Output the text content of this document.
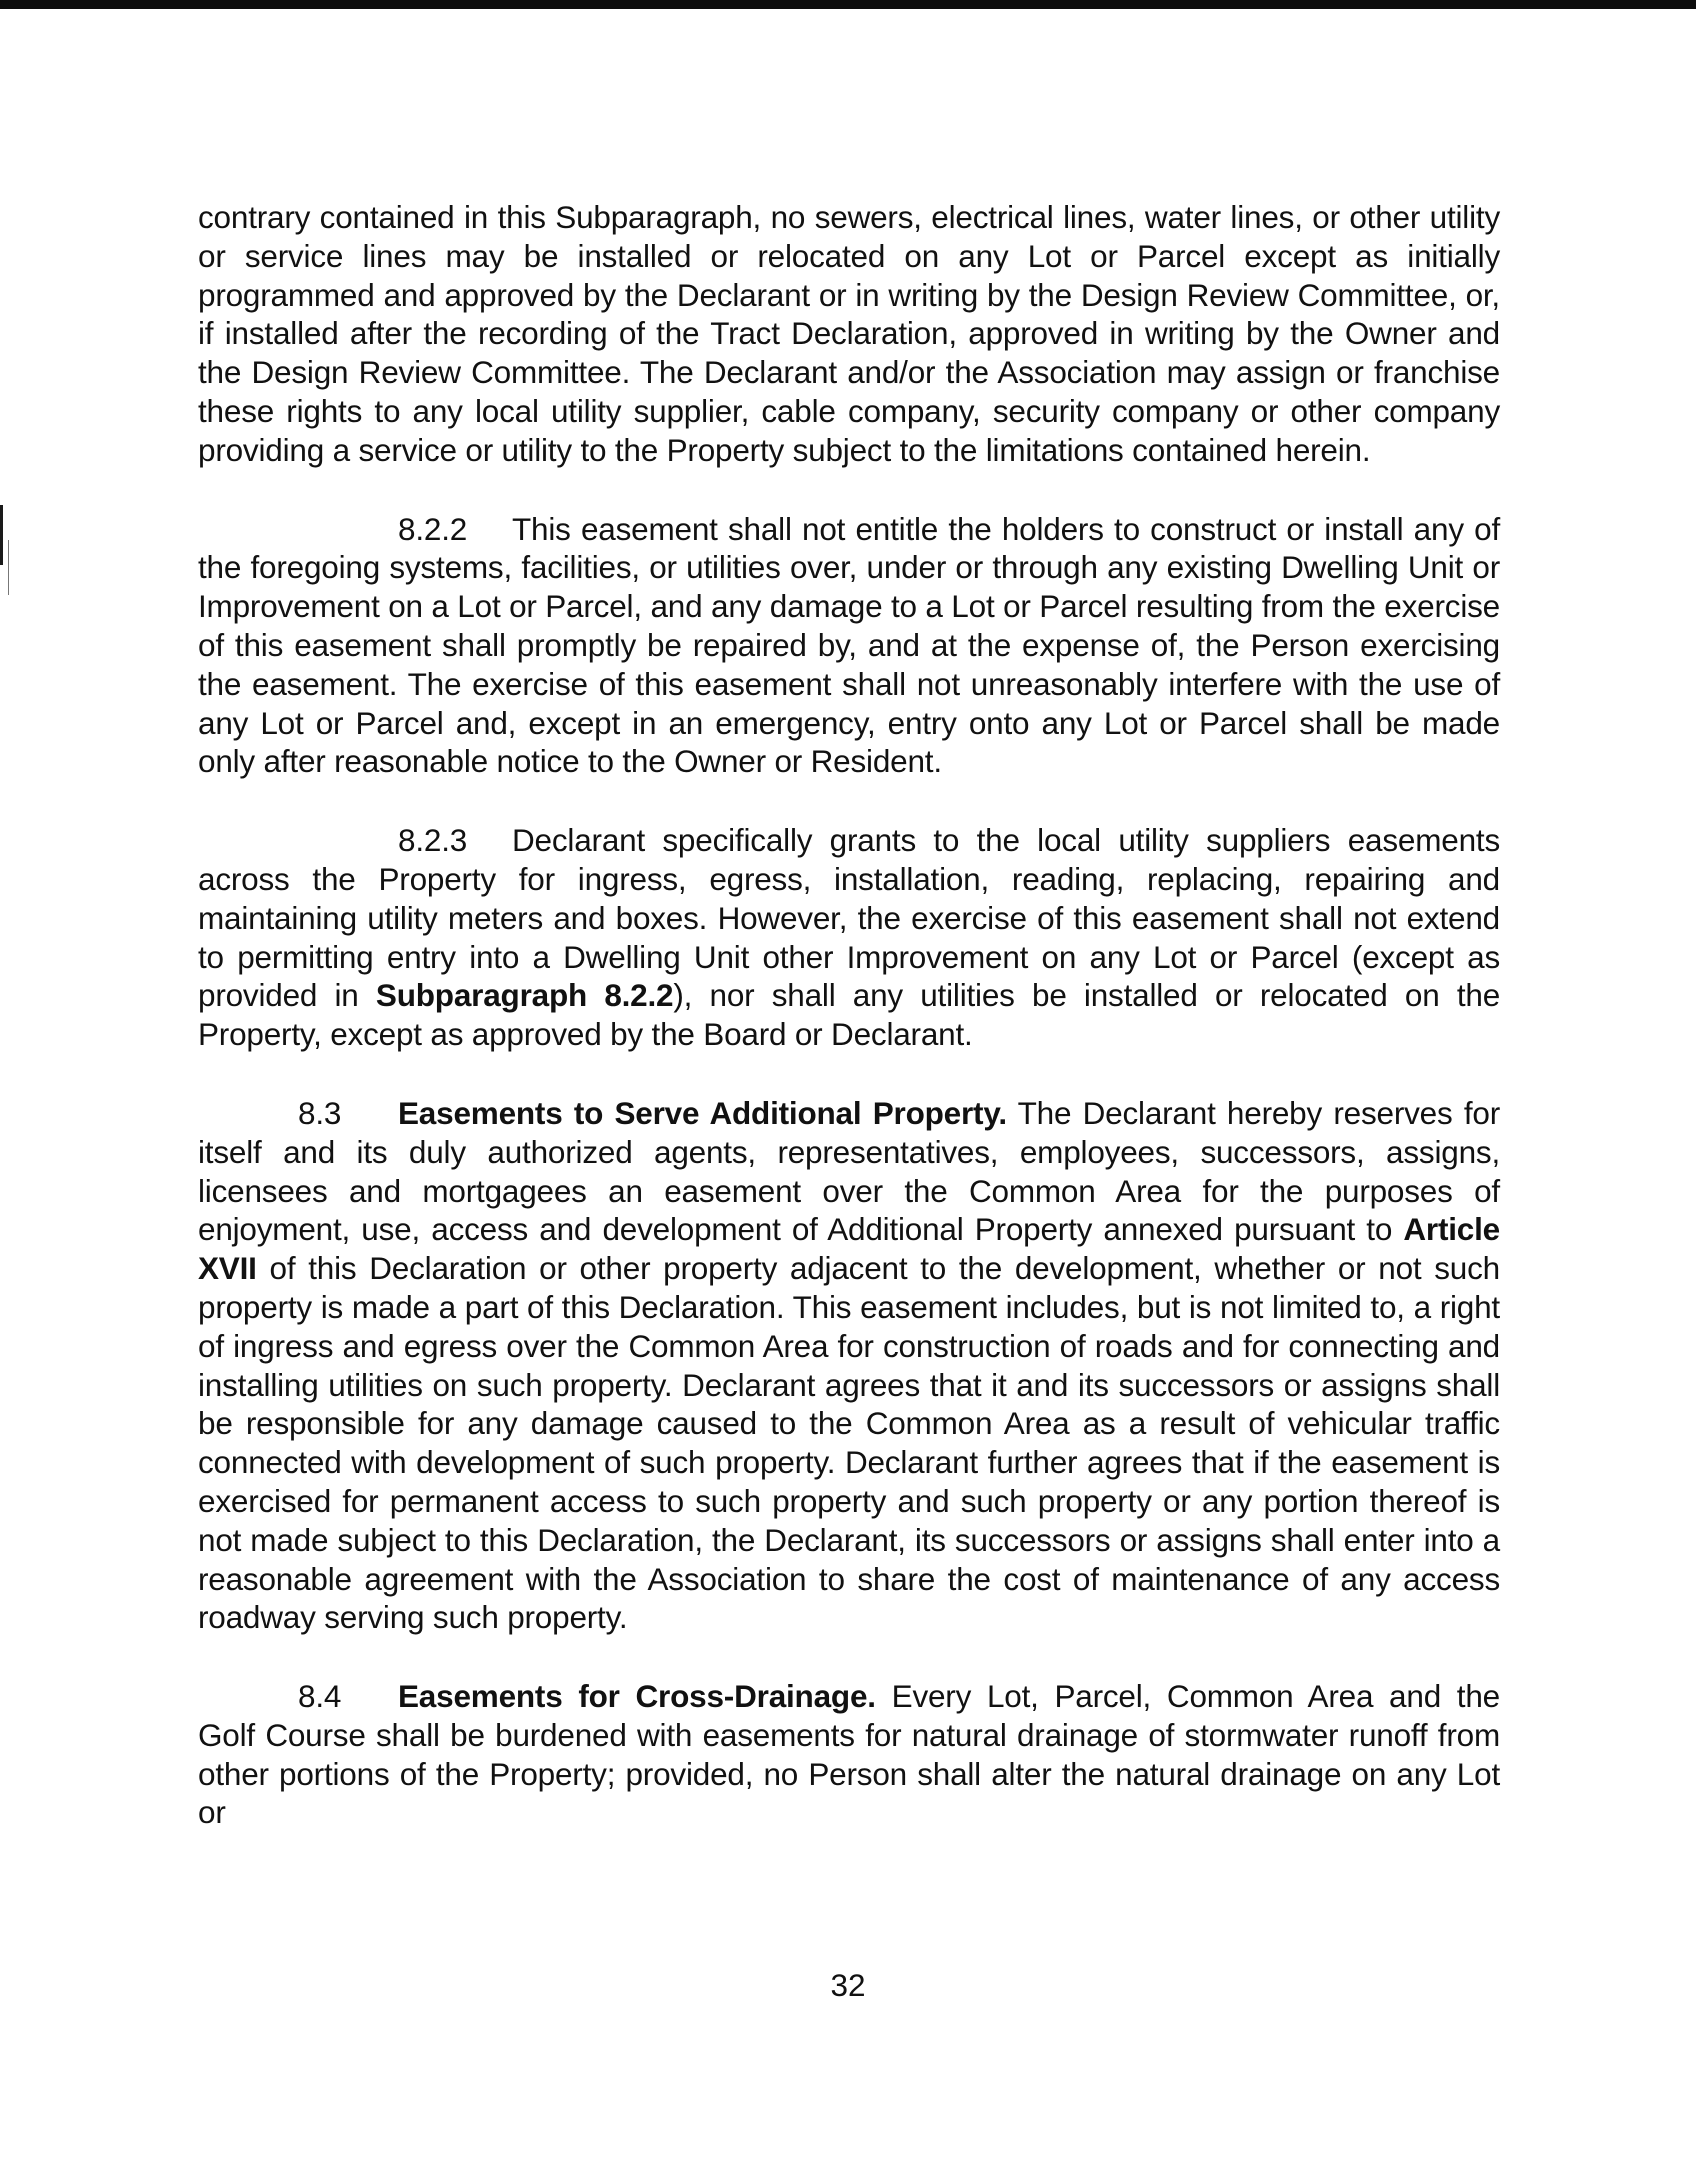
contrary contained in this Subparagraph, no sewers, electrical lines, water lines, or other utility or service lines may be installed or relocated on any Lot or Parcel except as initially programmed and approved by the Declarant or in writing by the Design Review Committee, or, if installed after the recording of the Tract Declaration, approved in writing by the Owner and the Design Review Committee. The Declarant and/or the Association may assign or franchise these rights to any local utility supplier, cable company, security company or other company providing a service or utility to the Property subject to the limitations contained herein.

8.2.2 This easement shall not entitle the holders to construct or install any of the foregoing systems, facilities, or utilities over, under or through any existing Dwelling Unit or Improvement on a Lot or Parcel, and any damage to a Lot or Parcel resulting from the exercise of this easement shall promptly be repaired by, and at the expense of, the Person exercising the easement. The exercise of this easement shall not unreasonably interfere with the use of any Lot or Parcel and, except in an emergency, entry onto any Lot or Parcel shall be made only after reasonable notice to the Owner or Resident.

8.2.3 Declarant specifically grants to the local utility suppliers easements across the Property for ingress, egress, installation, reading, replacing, repairing and maintaining utility meters and boxes. However, the exercise of this easement shall not extend to permitting entry into a Dwelling Unit other Improvement on any Lot or Parcel (except as provided in Subparagraph 8.2.2), nor shall any utilities be installed or relocated on the Property, except as approved by the Board or Declarant.

8.3 Easements to Serve Additional Property. The Declarant hereby reserves for itself and its duly authorized agents, representatives, employees, successors, assigns, licensees and mortgagees an easement over the Common Area for the purposes of enjoyment, use, access and development of Additional Property annexed pursuant to Article XVII of this Declaration or other property adjacent to the development, whether or not such property is made a part of this Declaration. This easement includes, but is not limited to, a right of ingress and egress over the Common Area for construction of roads and for connecting and installing utilities on such property. Declarant agrees that it and its successors or assigns shall be responsible for any damage caused to the Common Area as a result of vehicular traffic connected with development of such property. Declarant further agrees that if the easement is exercised for permanent access to such property and such property or any portion thereof is not made subject to this Declaration, the Declarant, its successors or assigns shall enter into a reasonable agreement with the Association to share the cost of maintenance of any access roadway serving such property.

8.4 Easements for Cross-Drainage. Every Lot, Parcel, Common Area and the Golf Course shall be burdened with easements for natural drainage of stormwater runoff from other portions of the Property; provided, no Person shall alter the natural drainage on any Lot or

32
